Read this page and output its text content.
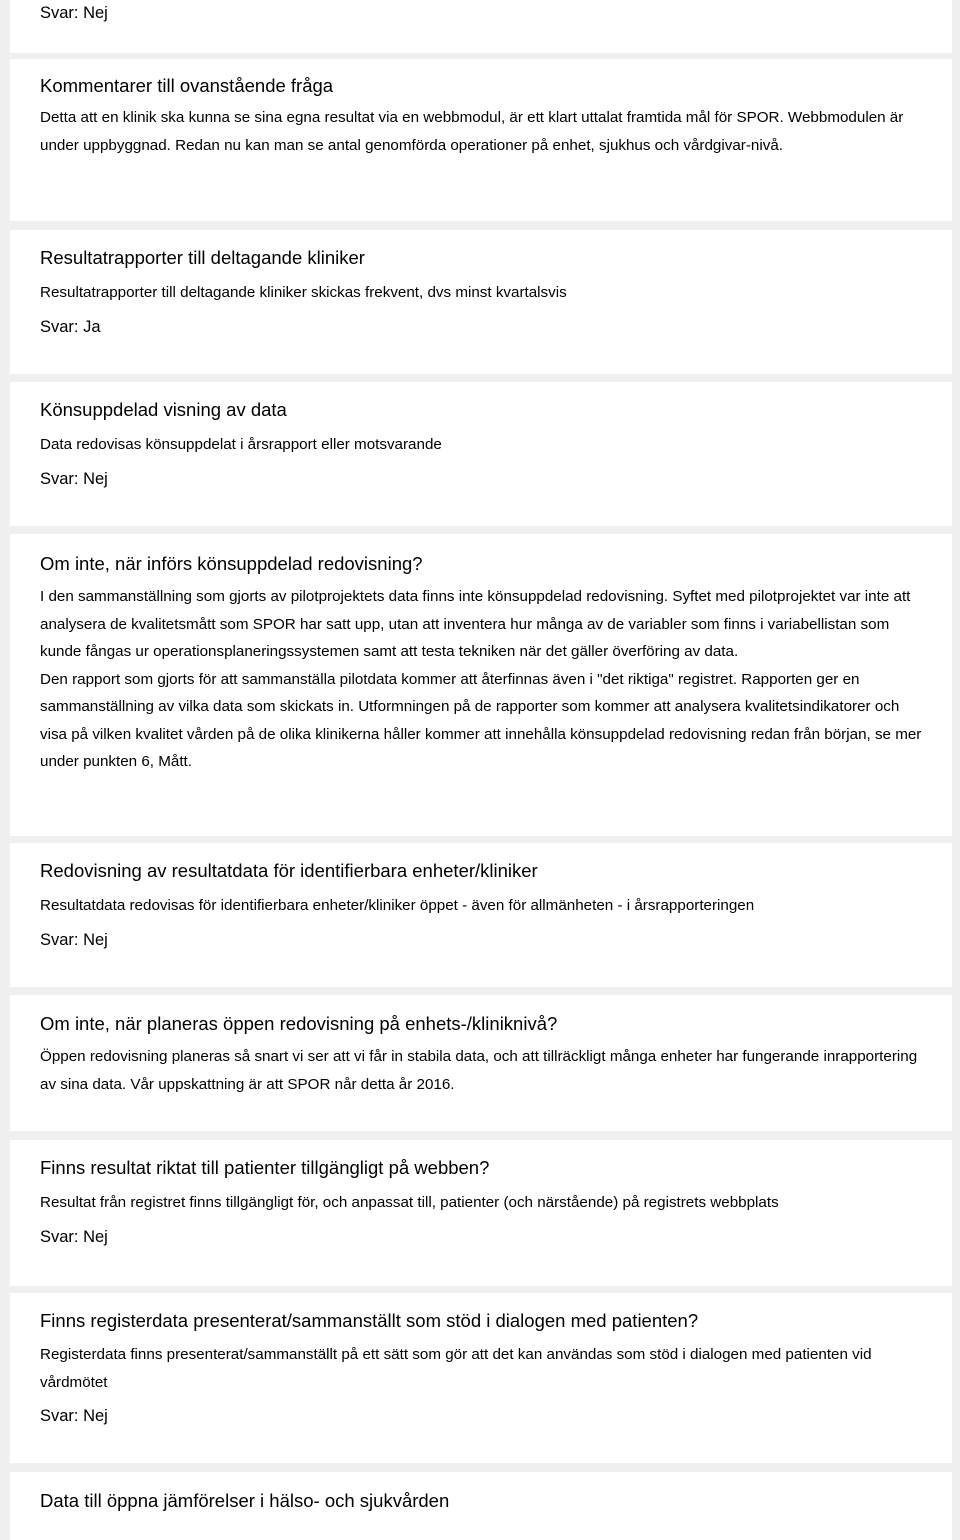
Svar: Nej

Kommentarer till ovanstående fråga

Detta att en klinik ska kunna se sina egna resultat via en webbmodul, är ett klart uttalat framtida mål för SPOR. Webbmodulen är under uppbyggnad. Redan nu kan man se antal genomförda operationer på enhet, sjukhus och vårdgivar-nivå.

Resultatrapporter till deltagande kliniker

Resultatrapporter till deltagande kliniker skickas frekvent, dvs minst kvartalsvis

Svar: Ja

Könsuppdelad visning av data

Data redovisas könsuppdelat i årsrapport eller motsvarande

Svar: Nej

Om inte, när införs könsuppdelad redovisning?

I den sammanställning som gjorts av pilotprojektets data finns inte könsuppdelad redovisning. Syftet med pilotprojektet var inte att analysera de kvalitetsmått som SPOR har satt upp, utan att inventera hur många av de variabler som finns i variabellistan som kunde fångas ur operationsplaneringssystemen samt att testa tekniken när det gäller överföring av data.

Den rapport som gjorts för att sammanställa pilotdata kommer att återfinnas även i "det riktiga" registret. Rapporten ger en sammanställning av vilka data som skickats in. Utformningen på de rapporter som kommer att analysera kvalitetsindikatorer och visa på vilken kvalitet vården på de olika klinikerna håller kommer att innehålla könsuppdelad redovisning redan från början, se mer under punkten 6, Mått.

Redovisning av resultatdata för identifierbara enheter/kliniker

Resultatdata redovisas för identifierbara enheter/kliniker öppet - även för allmänheten - i årsrapporteringen

Svar: Nej

Om inte, när planeras öppen redovisning på enhets-/kliniknivå?

Öppen redovisning planeras så snart vi ser att vi får in stabila data, och att tillräckligt många enheter har fungerande inrapportering av sina data. Vår uppskattning är att SPOR når detta år 2016.

Finns resultat riktat till patienter tillgängligt på webben?

Resultat från registret finns tillgängligt för, och anpassat till, patienter (och närstående) på registrets webbplats

Svar: Nej

Finns registerdata presenterat/sammanställt som stöd i dialogen med patienten?

Registerdata finns presenterat/sammanställt på ett sätt som gör att det kan användas som stöd i dialogen med patienten vid vårdmötet

Svar: Nej

Data till öppna jämförelser i hälso- och sjukvården
